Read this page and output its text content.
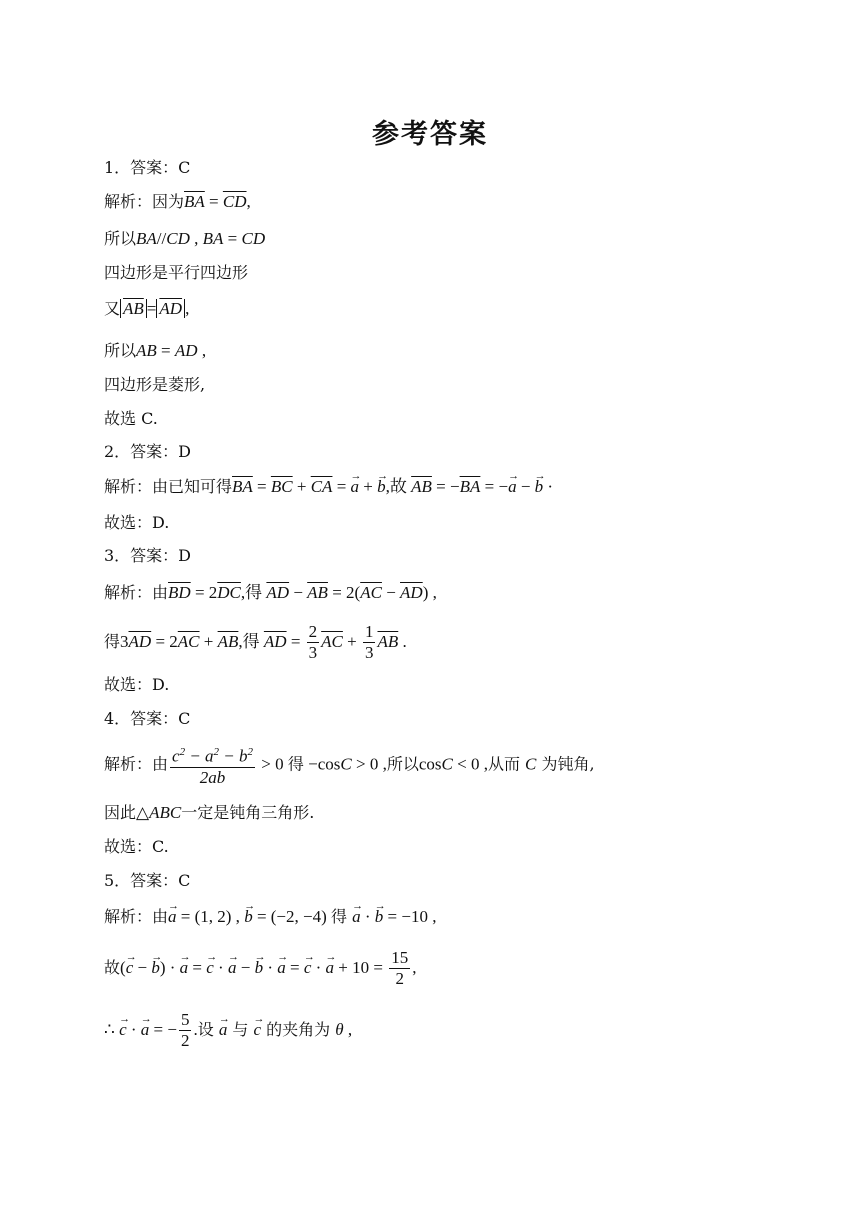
参考答案
1．答案：C
解析：因为$\overline{BA} = \overline{CD}$,
所以BA//CD , BA = CD
四边形是平行四边形
又 $\overline{AB} = \overline{AD}$ ,
所以AB = AD ,
四边形是菱形,
故选 C.
2．答案：D
解析：由已知可得$\overline{BA} = \overline{BC} + \overline{CA}$ = → a + → b,故 $\overline{AB} = -\overline{BA}$ = −→ a − → b ·
故选：D.
3．答案：D
解析：由$\overline{BD} = 2\overline{DC}$,得 $\overline{AD} - \overline{AB} = 2(\overline{AC} - \overline{AD})$ ,
得$3\overline{AD} = 2\overline{AC} + \overline{AB}$,得 $\overline{AD} = \frac{2}{3} \overline{AC} + \frac{1}{3} \overline{AB}$ .
故选：D.
4．答案：C
解析：由 $\frac{c^2 - a^2 - b^2}{2ab} > 0$ 得 −cosC > 0 ,所以cosC < 0 ,从而 C 为钝角,
因此△ABC一定是钝角三角形.
故选：C.
5．答案：C
解析：由→ a = (1, 2) , → b = (−2, −4) 得 → a · → b = −10 ,
故(→ c − → b) · → a = → c · → a − → b · → a = → c · → $a + 10 = \frac{15}{2}$ ,
∴ → c · → a = − $\frac{5}{2}$ .设 → a 与 → c 的夹角为 θ ,
